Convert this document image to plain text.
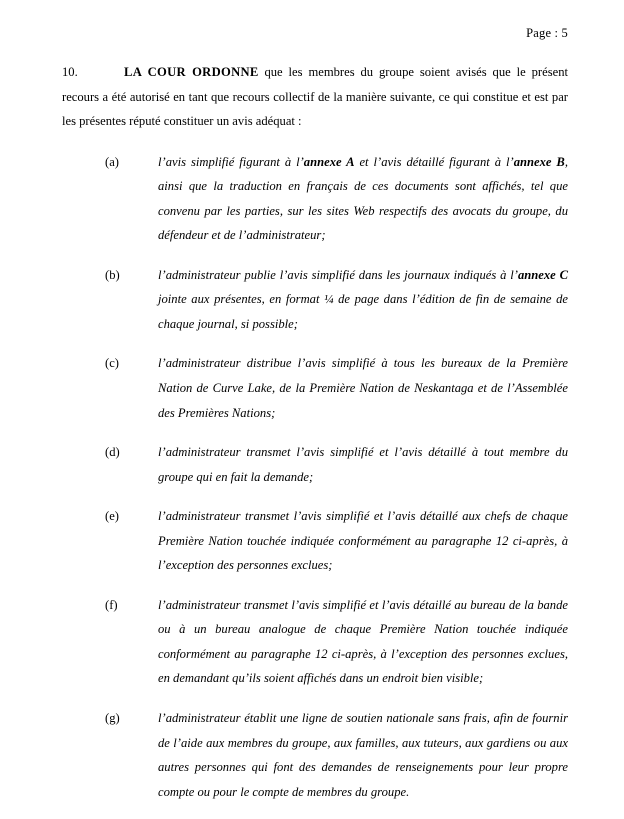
Page : 5

10.	LA COUR ORDONNE que les membres du groupe soient avisés que le présent recours a été autorisé en tant que recours collectif de la manière suivante, ce qui constitue et est par les présentes réputé constituer un avis adéquat :

(a)	l’avis simplifié figurant à l’annexe A et l’avis détaillé figurant à l’annexe B, ainsi que la traduction en français de ces documents sont affichés, tel que convenu par les parties, sur les sites Web respectifs des avocats du groupe, du défendeur et de l’administrateur;
(b)	l’administrateur publie l’avis simplifié dans les journaux indiqués à l’annexe C jointe aux présentes, en format ¼ de page dans l’édition de fin de semaine de chaque journal, si possible;
(c)	l’administrateur distribue l’avis simplifié à tous les bureaux de la Première Nation de Curve Lake, de la Première Nation de Neskantaga et de l’Assemblée des Premières Nations;
(d)	l’administrateur transmet l’avis simplifié et l’avis détaillé à tout membre du groupe qui en fait la demande;
(e)	l’administrateur transmet l’avis simplifié et l’avis détaillé aux chefs de chaque Première Nation touchée indiquée conformément au paragraphe 12 ci-après, à l’exception des personnes exclues;
(f)	l’administrateur transmet l’avis simplifié et l’avis détaillé au bureau de la bande ou à un bureau analogue de chaque Première Nation touchée indiquée conformément au paragraphe 12 ci-après, à l’exception des personnes exclues, en demandant qu’ils soient affichés dans un endroit bien visible;
(g)	l’administrateur établit une ligne de soutien nationale sans frais, afin de fournir de l’aide aux membres du groupe, aux familles, aux tuteurs, aux gardiens ou aux autres personnes qui font des demandes de renseignements pour leur propre compte ou pour le compte de membres du groupe.
